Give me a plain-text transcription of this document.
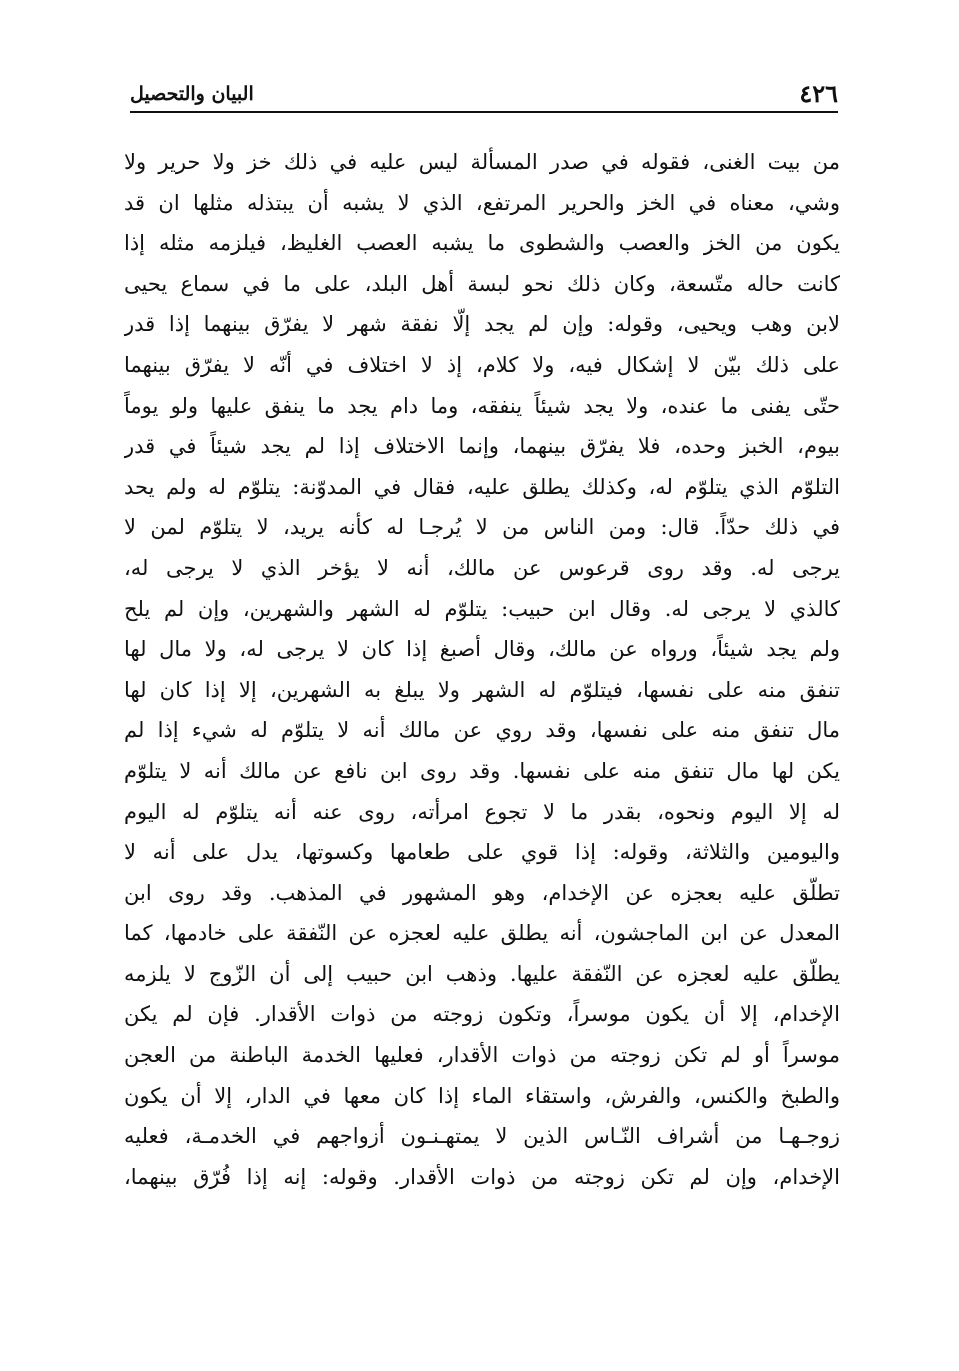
٤٢٦
البيان والتحصيل
من بيت الغنى، فقوله في صدر المسألة ليس عليه في ذلك خز ولا حرير ولا
وشي، معناه في الخز والحرير المرتفع، الذي لا يشبه أن يبتذله مثلها ان قد
يكون من الخز والعصب والشطوى ما يشبه العصب الغليظ، فيلزمه مثله إذا
كانت حاله متّسعة، وكان ذلك نحو لبسة أهل البلد، على ما في سماع يحيى
لابن وهب ويحيى، وقوله: وإن لم يجد إلّا نفقة شهر لا يفرّق بينهما إذا قدر
على ذلك بيّن لا إشكال فيه، ولا كلام، إذ لا اختلاف في أنّه لا يفرّق بينهما
حتّى يفنى ما عنده، ولا يجد شيئاً ينفقه، وما دام يجد ما ينفق عليها ولو يوماً
بيوم، الخبز وحده، فلا يفرّق بينهما، وإنما الاختلاف إذا لم يجد شيئاً في قدر
التلوّم الذي يتلوّم له، وكذلك يطلق عليه، فقال في المدوّنة: يتلوّم له ولم يحد
في ذلك حدّاً. قال: ومن الناس من لا يُرجـا له كأنه يريد، لا يتلوّم لمن لا
يرجى له. وقد روى قرعوس عن مالك، أنه لا يؤخر الذي لا يرجى له،
كالذي لا يرجى له. وقال ابن حبيب: يتلوّم له الشهر والشهرين، وإن لم يلح
ولم يجد شيئاً، ورواه عن مالك، وقال أصبغ إذا كان لا يرجى له، ولا مال لها
تنفق منه على نفسها، فيتلوّم له الشهر ولا يبلغ به الشهرين، إلا إذا كان لها
مال تنفق منه على نفسها، وقد روي عن مالك أنه لا يتلوّم له شيء إذا لم
يكن لها مال تنفق منه على نفسها. وقد روى ابن نافع عن مالك أنه لا يتلوّم
له إلا اليوم ونحوه، بقدر ما لا تجوع امرأته، روى عنه أنه يتلوّم له اليوم
واليومين والثلاثة، وقوله: إذا قوي على طعامها وكسوتها، يدل على أنه لا
تطلّق عليه بعجزه عن الإخدام، وهو المشهور في المذهب. وقد روى ابن
المعدل عن ابن الماجشون، أنه يطلق عليه لعجزه عن النّفقة على خادمها، كما
يطلّق عليه لعجزه عن النّفقة عليها. وذهب ابن حبيب إلى أن الزّوج لا يلزمه
الإخدام، إلا أن يكون موسراً، وتكون زوجته من ذوات الأقدار. فإن لم يكن
موسراً أو لم تكن زوجته من ذوات الأقدار، فعليها الخدمة الباطنة من العجن
والطبخ والكنس، والفرش، واستقاء الماء إذا كان معها في الدار، إلا أن يكون
زوجـهـا من أشراف النّـاس الذين لا يمتهـنـون أزواجهم في الخدمـة، فعليه
الإخدام، وإن لم تكن زوجته من ذوات الأقدار. وقوله: إنه إذا فُرّق بينهما،
